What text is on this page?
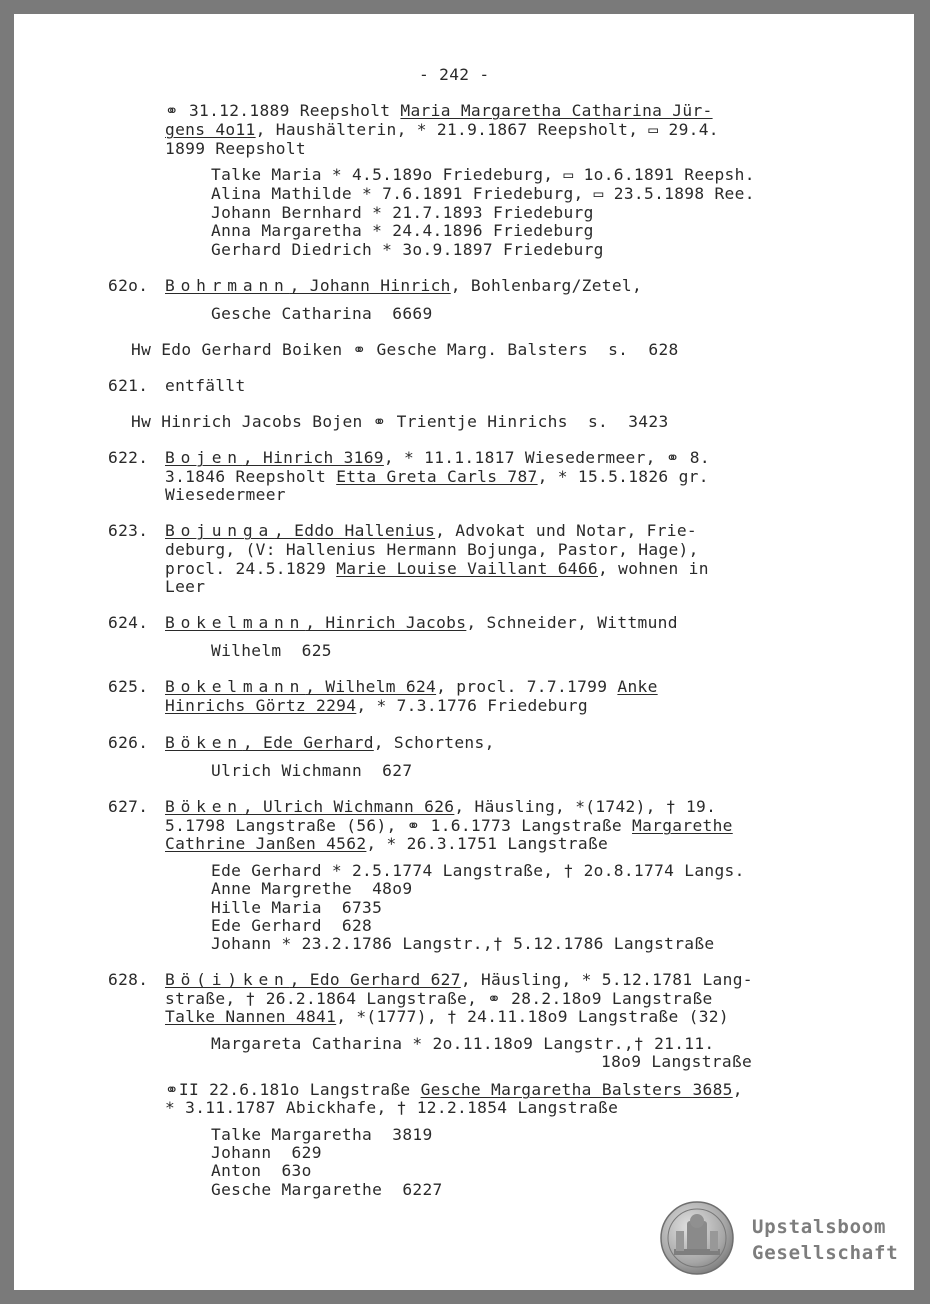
- 242 -
⚭ 31.12.1889 Reepsholt Maria Margaretha Catharina Jür-
gens 4o11, Haushälterin, * 21.9.1867 Reepsholt, ▭ 29.4.
1899 Reepsholt
Talke Maria * 4.5.189o Friedeburg, ▭ 1o.6.1891 Reepsh.
Alina Mathilde * 7.6.1891 Friedeburg, ▭ 23.5.1898 Ree.
Johann Bernhard * 21.7.1893 Friedeburg
Anna Margaretha * 24.4.1896 Friedeburg
Gerhard Diedrich * 3o.9.1897 Friedeburg
62o. Bohrmann, Johann Hinrich, Bohlenbarg/Zetel,
Gesche Catharina  6669
Hw Edo Gerhard Boiken ⚭ Gesche Marg. Balsters  s.  628
621. entfällt
Hw Hinrich Jacobs Bojen ⚭ Trientje Hinrichs  s.  3423
622. Bojen, Hinrich 3169, * 11.1.1817 Wiesedermeer, ⚭ 8.
3.1846 Reepsholt Etta Greta Carls 787, * 15.5.1826 gr.
Wiesedermeer
623. Bojunga, Eddo Hallenius, Advokat und Notar, Frie-
deburg, (V: Hallenius Hermann Bojunga, Pastor, Hage),
procl. 24.5.1829 Marie Louise Vaillant 6466, wohnen in
Leer
624. Bokelmann, Hinrich Jacobs, Schneider, Wittmund
Wilhelm  625
625. Bokelmann, Wilhelm 624, procl. 7.7.1799 Anke
Hinrichs Görtz 2294, * 7.3.1776 Friedeburg
626. Böken, Ede Gerhard, Schortens,
Ulrich Wichmann  627
627. Böken, Ulrich Wichmann 626, Häusling, *(1742), † 19.
5.1798 Langstraße (56), ⚭ 1.6.1773 Langstraße Margarethe
Cathrine Janßen 4562, * 26.3.1751 Langstraße
Ede Gerhard * 2.5.1774 Langstraße, † 2o.8.1774 Langs.
Anne Margrethe  48o9
Hille Maria  6735
Ede Gerhard  628
Johann * 23.2.1786 Langstr.,† 5.12.1786 Langstraße
628. Bö(i)ken, Edo Gerhard 627, Häusling, * 5.12.1781 Lang-
straße, † 26.2.1864 Langstraße, ⚭ 28.2.18o9 Langstraße
Talke Nannen 4841, *(1777), † 24.11.18o9 Langstraße (32)
Margareta Catharina * 2o.11.18o9 Langstr.,† 21.11.
18o9 Langstraße
⚭II 22.6.181o Langstraße Gesche Margaretha Balsters 3685,
* 3.11.1787 Abickhafe, † 12.2.1854 Langstraße
Talke Margaretha  3819
Johann  629
Anton  63o
Gesche Margarethe  6227
Upstalsboom
Gesellschaft
